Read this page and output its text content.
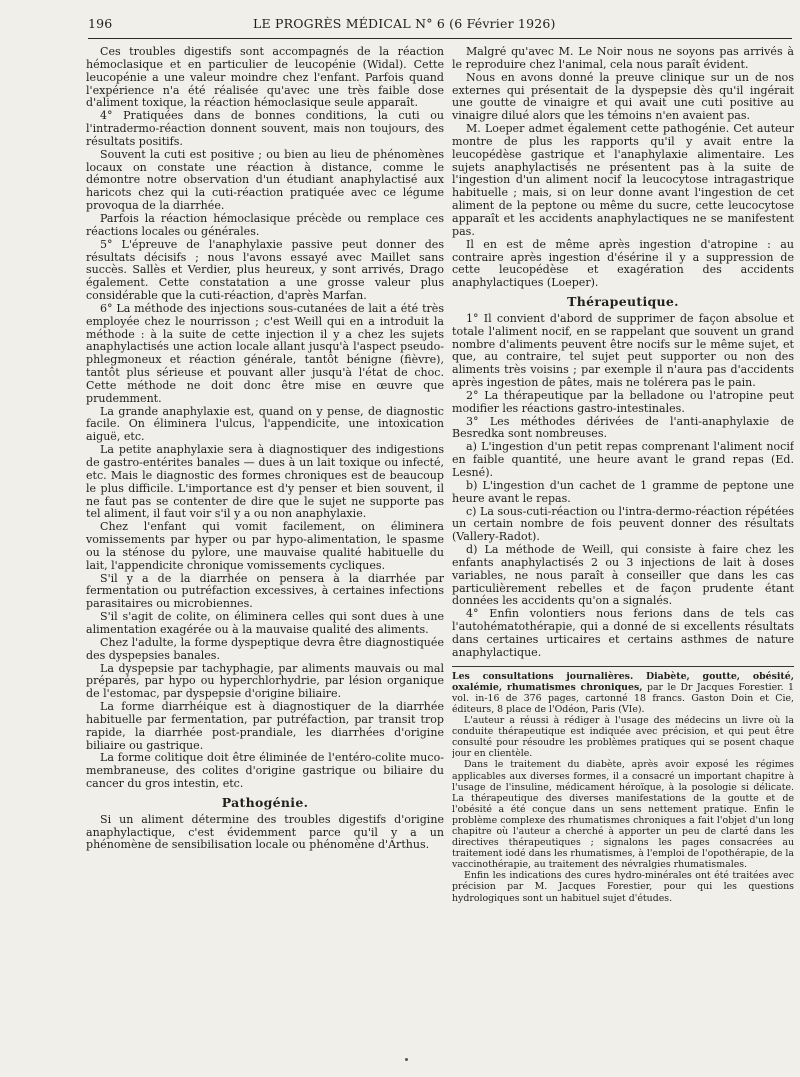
196	LE PROGRÈS MÉDICAL N° 6 (6 Février 1926)

Ces troubles digestifs sont accompagnés de la réaction hémoclasique et en particulier de leucopénie (Widal). Cette leucopénie a une valeur moindre chez l'enfant. Parfois quand l'expérience n'a été réalisée qu'avec une très faible dose d'aliment toxique, la réaction hémoclasique seule apparaît.

4° Pratiquées dans de bonnes conditions, la cuti ou l'intradermo-réaction donnent souvent, mais non toujours, des résultats positifs.

Souvent la cuti est positive ; ou bien au lieu de phénomènes locaux on constate une réaction à distance, comme le démontre notre observation d'un étudiant anaphylactisé aux haricots chez qui la cuti-réaction pratiquée avec ce légume provoqua de la diarrhée.

Parfois la réaction hémoclasique précède ou remplace ces réactions locales ou générales.

5° L'épreuve de l'anaphylaxie passive peut donner des résultats décisifs ; nous l'avons essayé avec Maillet sans succès. Sallès et Verdier, plus heureux, y sont arrivés, Drago également. Cette constatation a une grosse valeur plus considérable que la cuti-réaction, d'après Marfan.

6° La méthode des injections sous-cutanées de lait a été très employée chez le nourrisson ; c'est Weill qui en a introduit la méthode : à la suite de cette injection il y a chez les sujets anaphylactisés une action locale allant jusqu'à l'aspect pseudo-phlegmoneux et réaction générale, tantôt bénigne (fièvre), tantôt plus sérieuse et pouvant aller jusqu'à l'état de choc. Cette méthode ne doit donc être mise en œuvre que prudemment.

La grande anaphylaxie est, quand on y pense, de diagnostic facile. On éliminera l'ulcus, l'appendicite, une intoxication aiguë, etc.

La petite anaphylaxie sera à diagnostiquer des indigestions de gastro-entérites banales — dues à un lait toxique ou infecté, etc. Mais le diagnostic des formes chroniques est de beaucoup le plus difficile. L'importance est d'y penser et bien souvent, il ne faut pas se contenter de dire que le sujet ne supporte pas tel aliment, il faut voir s'il y a ou non anaphylaxie.

Chez l'enfant qui vomit facilement, on éliminera vomissements par hyper ou par hypo-alimentation, le spasme ou la sténose du pylore, une mauvaise qualité habituelle du lait, l'appendicite chronique vomissements cycliques.

S'il y a de la diarrhée on pensera à la diarrhée par fermentation ou putréfaction excessives, à certaines infections parasitaires ou microbiennes.

S'il s'agit de colite, on éliminera celles qui sont dues à une alimentation exagérée ou à la mauvaise qualité des aliments.

Chez l'adulte, la forme dyspeptique devra être diagnostiquée des dyspepsies banales.

La dyspepsie par tachyphagie, par aliments mauvais ou mal préparés, par hypo ou hyperchlorhydrie, par lésion organique de l'estomac, par dyspepsie d'origine biliaire.

La forme diarrhéique est à diagnostiquer de la diarrhée habituelle par fermentation, par putréfaction, par transit trop rapide, la diarrhée post-prandiale, les diarrhées d'origine biliaire ou gastrique.

La forme colitique doit être éliminée de l'entéro-colite muco-membraneuse, des colites d'origine gastrique ou biliaire du cancer du gros intestin, etc.

Pathogénie.

Si un aliment détermine des troubles digestifs d'origine anaphylactique, c'est évidemment parce qu'il y a un phénomène de sensibilisation locale ou phénomène d'Arthus.

Malgré qu'avec M. Le Noir nous ne soyons pas arrivés à le reproduire chez l'animal, cela nous paraît évident.

Nous en avons donné la preuve clinique sur un de nos externes qui présentait de la dyspepsie dès qu'il ingérait une goutte de vinaigre et qui avait une cuti positive au vinaigre dilué alors que les témoins n'en avaient pas.

M. Loeper admet également cette pathogénie. Cet auteur montre de plus les rapports qu'il y avait entre la leucopédèse gastrique et l'anaphylaxie alimentaire. Les sujets anaphylactisés ne présentent pas à la suite de l'ingestion d'un aliment nocif la leucocytose intragastrique habituelle ; mais, si on leur donne avant l'ingestion de cet aliment de la peptone ou même du sucre, cette leucocytose apparaît et les accidents anaphylactiques ne se manifestent pas.

Il en est de même après ingestion d'atropine : au contraire après ingestion d'ésérine il y a suppression de cette leucopédèse et exagération des accidents anaphylactiques (Loeper).

Thérapeutique.

1° Il convient d'abord de supprimer de façon absolue et totale l'aliment nocif, en se rappelant que souvent un grand nombre d'aliments peuvent être nocifs sur le même sujet, et que, au contraire, tel sujet peut supporter ou non des aliments très voisins ; par exemple il n'aura pas d'accidents après ingestion de pâtes, mais ne tolérera pas le pain.

2° La thérapeutique par la belladone ou l'atropine peut modifier les réactions gastro-intestinales.

3° Les méthodes dérivées de l'anti-anaphylaxie de Besredka sont nombreuses.

a) L'ingestion d'un petit repas comprenant l'aliment nocif en faible quantité, une heure avant le grand repas (Ed. Lesné).

b) L'ingestion d'un cachet de 1 gramme de peptone une heure avant le repas.

c) La sous-cuti-réaction ou l'intra-dermo-réaction répétées un certain nombre de fois peuvent donner des résultats (Vallery-Radot).

d) La méthode de Weill, qui consiste à faire chez les enfants anaphylactisés 2 ou 3 injections de lait à doses variables, ne nous paraît à conseiller que dans les cas particulièrement rebelles et de façon prudente étant données les accidents qu'on a signalés.

4° Enfin volontiers nous ferions dans de tels cas l'autohématothérapie, qui a donné de si excellents résultats dans certaines urticaires et certains asthmes de nature anaphylactique.

Les consultations journalières. Diabète, goutte, obésité, oxalémie, rhumatismes chroniques, par le Dr Jacques Forestier. 1 vol. in-16 de 376 pages, cartonné 18 francs. Gaston Doin et Cie, éditeurs, 8 place de l'Odéon, Paris (VIe).

L'auteur a réussi à rédiger à l'usage des médecins un livre où la conduite thérapeutique est indiquée avec précision, et qui peut être consulté pour résoudre les problèmes pratiques qui se posent chaque jour en clientèle.

Dans le traitement du diabète, après avoir exposé les régimes applicables aux diverses formes, il a consacré un important chapitre à l'usage de l'insuline, médicament héroïque, à la posologie si délicate. La thérapeutique des diverses manifestations de la goutte et de l'obésité a été conçue dans un sens nettement pratique. Enfin le problème complexe des rhumatismes chroniques a fait l'objet d'un long chapitre où l'auteur a cherché à apporter un peu de clarté dans les directives thérapeutiques ; signalons les pages consacrées au traitement iodé dans les rhumatismes, à l'emploi de l'opothérapie, de la vaccinothérapie, au traitement des névralgies rhumatismales.

Enfin les indications des cures hydro-minérales ont été traitées avec précision par M. Jacques Forestier, pour qui les questions hydrologiques sont un habituel sujet d'études.
